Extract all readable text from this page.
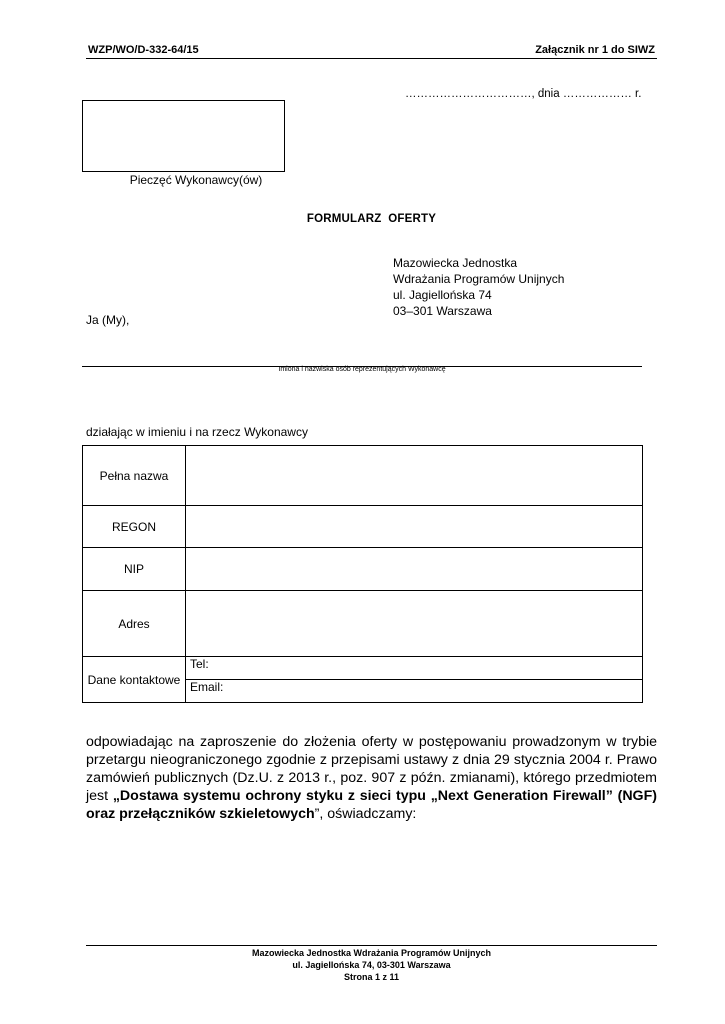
WZP/WO/D-332-64/15	Załącznik nr 1 do SIWZ
……………………………, dnia ……………… r.
Pieczęć Wykonawcy(ów)
FORMULARZ  OFERTY
Mazowiecka Jednostka
Wdrażania Programów Unijnych
ul. Jagiellońska 74
03–301 Warszawa
Ja (My),
Imiona i nazwiska osób reprezentujących Wykonawcę
działając w imieniu i na rzecz Wykonawcy
Pełna nazwa	
REGON	
NIP	
Adres	
Dane kontaktowe	Tel:
	Email:
odpowiadając na zaproszenie do złożenia oferty w postępowaniu prowadzonym w trybie przetargu nieograniczonego zgodnie z przepisami ustawy z dnia 29 stycznia 2004 r. Prawo zamówień publicznych (Dz.U. z 2013 r., poz. 907 z późn. zmianami), którego przedmiotem jest „Dostawa systemu ochrony styku z sieci typu „Next Generation Firewall” (NGF) oraz przełączników szkieletowych”, oświadczamy:
Mazowiecka Jednostka Wdrażania Programów Unijnych
ul. Jagiellońska 74, 03-301 Warszawa
Strona 1 z 11
